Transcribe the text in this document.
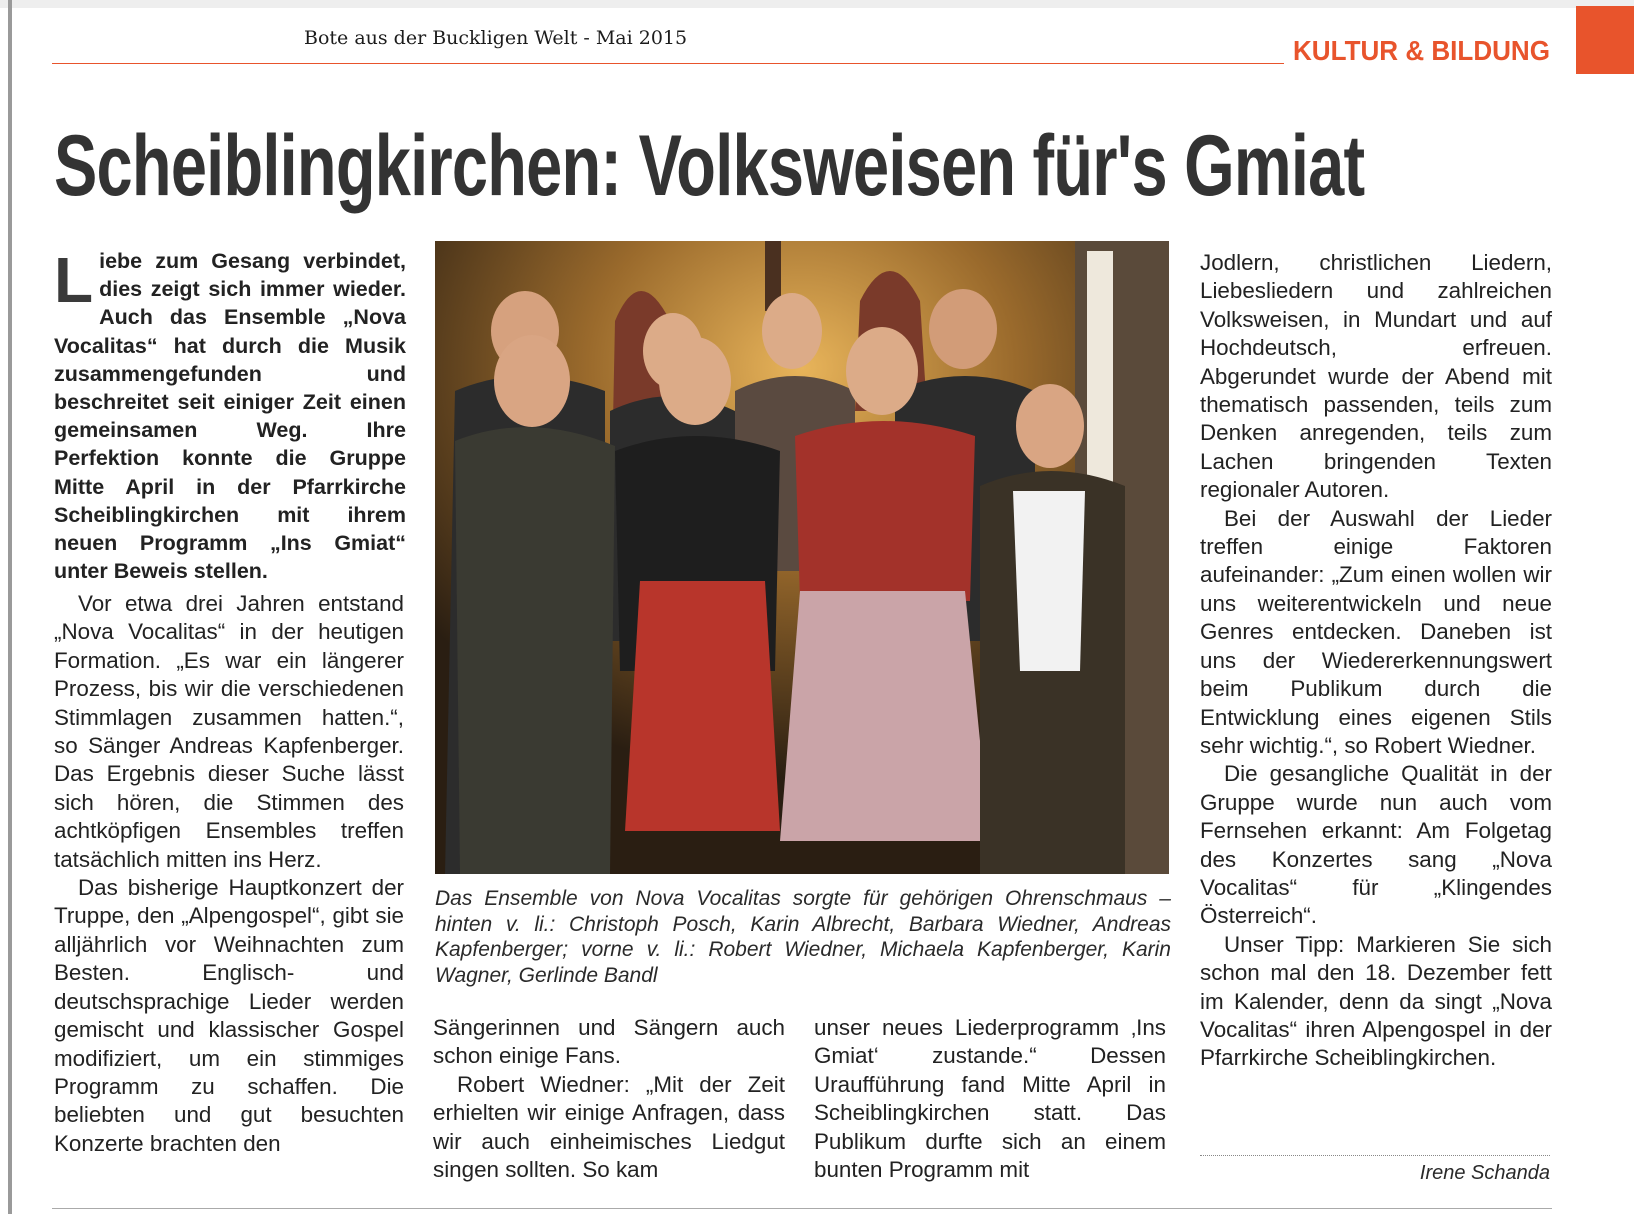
Bote aus der Buckligen Welt - Mai 2015	KULTUR & BILDUNG
Scheiblingkirchen: Volksweisen für's Gmiat
L iebe zum Gesang verbindet, dies zeigt sich immer wieder. Auch das Ensemble „Nova Vocalitas“ hat durch die Musik zusammengefunden und beschreitet seit einiger Zeit einen gemeinsamen Weg. Ihre Perfektion konnte die Gruppe Mitte April in der Pfarrkirche Scheiblingkirchen mit ihrem neuen Programm „Ins Gmiat“ unter Beweis stellen.

Vor etwa drei Jahren entstand „Nova Vocalitas“ in der heutigen Formation. „Es war ein längerer Prozess, bis wir die verschiedenen Stimmlagen zusammen hatten.“, so Sänger Andreas Kapfenberger. Das Ergebnis dieser Suche lässt sich hören, die Stimmen des achtköpfigen Ensembles treffen tatsächlich mitten ins Herz.

Das bisherige Hauptkonzert der Truppe, den „Alpengospel“, gibt sie alljährlich vor Weihnachten zum Besten. Englisch- und deutschsprachige Lieder werden gemischt und klassischer Gospel modifiziert, um ein stimmiges Programm zu schaffen. Die beliebten und gut besuchten Konzerte brachten den

Das Ensemble von Nova Vocalitas sorgte für gehörigen Ohrenschmaus – hinten v. li.: Christoph Posch, Karin Albrecht, Barbara Wiedner, Andreas Kapfenberger; vorne v. li.: Robert Wiedner, Michaela Kapfenberger, Karin Wagner, Gerlinde Bandl

Sängerinnen und Sängern auch schon einige Fans.

Robert Wiedner: „Mit der Zeit erhielten wir einige Anfragen, dass wir auch einheimisches Liedgut singen sollten. So kam

unser neues Liederprogramm ‚Ins Gmiat‘ zustande.“ Dessen Uraufführung fand Mitte April in Scheiblingkirchen statt. Das Publikum durfte sich an einem bunten Programm mit

Jodlern, christlichen Liedern, Liebesliedern und zahlreichen Volksweisen, in Mundart und auf Hochdeutsch, erfreuen. Abgerundet wurde der Abend mit thematisch passenden, teils zum Denken anregenden, teils zum Lachen bringenden Texten regionaler Autoren.

Bei der Auswahl der Lieder treffen einige Faktoren aufeinander: „Zum einen wollen wir uns weiterentwickeln und neue Genres entdecken. Daneben ist uns der Wiedererkennungswert beim Publikum durch die Entwicklung eines eigenen Stils sehr wichtig.“, so Robert Wiedner.

Die gesangliche Qualität in der Gruppe wurde nun auch vom Fernsehen erkannt: Am Folgetag des Konzertes sang „Nova Vocalitas“ für „Klingendes Österreich“.

Unser Tipp: Markieren Sie sich schon mal den 18. Dezember fett im Kalender, denn da singt „Nova Vocalitas“ ihren Alpengospel in der Pfarrkirche Scheiblingkirchen.

Irene Schanda
